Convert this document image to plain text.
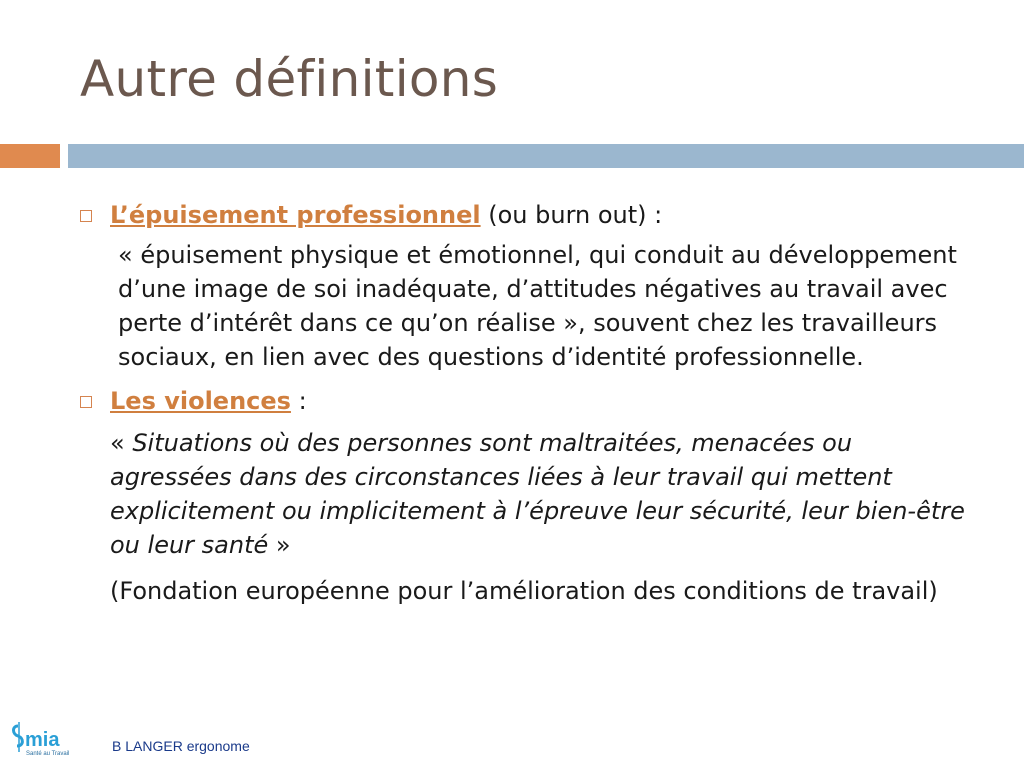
Autre définitions
L’épuisement professionnel (ou burn out) :
« épuisement physique et émotionnel, qui conduit au développement d’une image de soi inadéquate, d’attitudes négatives au travail avec perte d’intérêt dans ce qu’on réalise », souvent chez les travailleurs sociaux, en lien avec des questions d’identité professionnelle.
Les violences :
« Situations où des personnes sont maltraitées, menacées ou agressées dans des circonstances liées à leur travail qui mettent explicitement ou implicitement à l’épreuve leur sécurité, leur bien-être ou leur santé »
(Fondation européenne pour l’amélioration des conditions de travail)
mia
Santé au Travail	B LANGER ergonome
